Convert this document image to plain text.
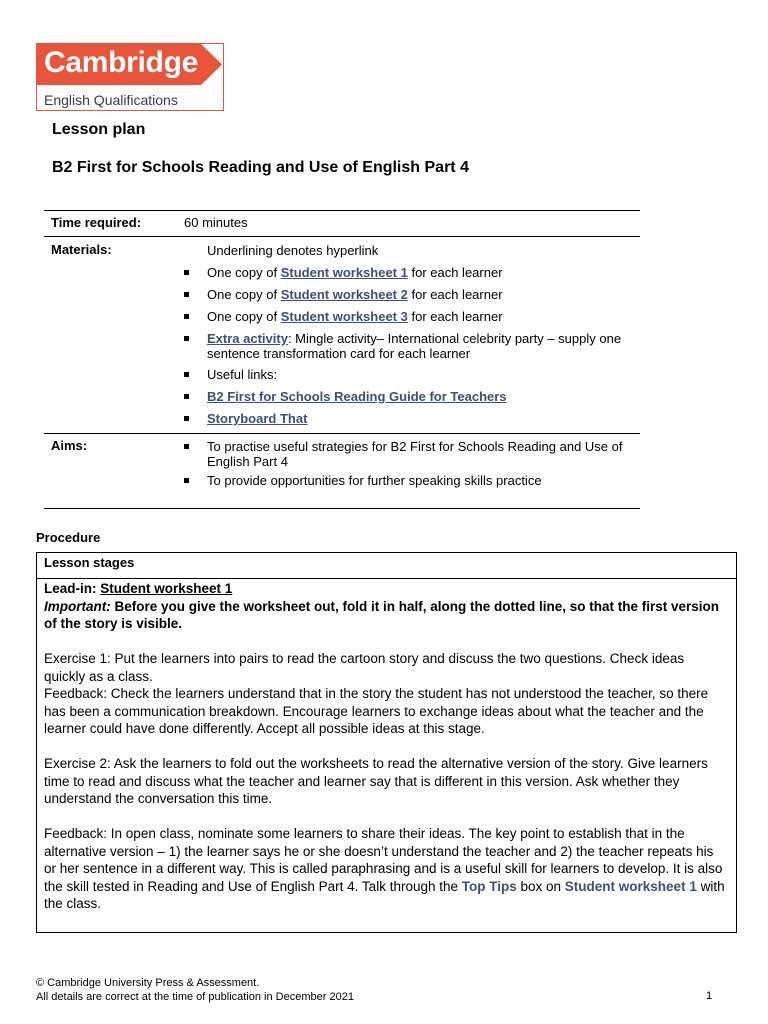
Cambridge
English Qualifications
Lesson plan
B2 First for Schools Reading and Use of English Part 4
Time required:	60 minutes
Materials:	Underlining denotes hyperlink
One copy of Student worksheet 1 for each learner
One copy of Student worksheet 2 for each learner
One copy of Student worksheet 3 for each learner
Extra activity: Mingle activity– International celebrity party – supply one sentence transformation card for each learner
Useful links:
B2 First for Schools Reading Guide for Teachers
Storyboard That
Aims:	To practise useful strategies for B2 First for Schools Reading and Use of English Part 4
To provide opportunities for further speaking skills practice
Procedure
Lesson stages

Lead-in: Student worksheet 1

Important: Before you give the worksheet out, fold it in half, along the dotted line, so that the first version of the story is visible.

Exercise 1: Put the learners into pairs to read the cartoon story and discuss the two questions. Check ideas quickly as a class.

Feedback: Check the learners understand that in the story the student has not understood the teacher, so there has been a communication breakdown. Encourage learners to exchange ideas about what the teacher and the learner could have done differently. Accept all possible ideas at this stage.

Exercise 2: Ask the learners to fold out the worksheets to read the alternative version of the story. Give learners time to read and discuss what the teacher and learner say that is different in this version. Ask whether they understand the conversation this time.

Feedback: In open class, nominate some learners to share their ideas. The key point to establish that in the alternative version – 1) the learner says he or she doesn’t understand the teacher and 2) the teacher repeats his or her sentence in a different way. This is called paraphrasing and is a useful skill for learners to develop. It is also the skill tested in Reading and Use of English Part 4. Talk through the Top Tips box on Student worksheet 1 with the class.

© Cambridge University Press & Assessment.
All details are correct at the time of publication in December 2021	1
